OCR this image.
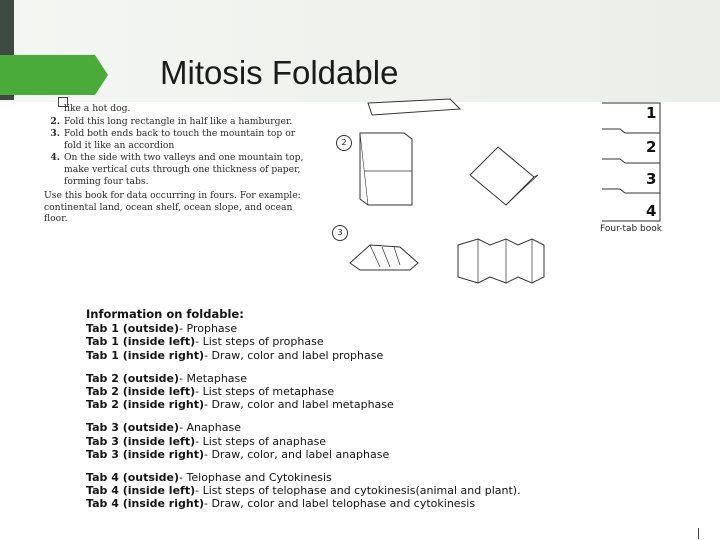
Mitosis Foldable
like a hot dog.
2. Fold this long rectangle in half like a hamburger.
3. Fold both ends back to touch the mountain top or fold it like an accordion
4. On the side with two valleys and one mountain top, make vertical cuts through one thickness of paper, forming four tabs.
Use this book for data occurring in fours. For example: continental land, ocean shelf, ocean slope, and ocean floor.
1
2
3
4
2
3	Four-tab book
Information on foldable:
Tab 1 (outside)- Prophase
Tab 1 (inside left)- List steps of prophase
Tab 1 (inside right)- Draw, color and label prophase
Tab 2 (outside)- Metaphase
Tab 2 (inside left)- List steps of metaphase
Tab 2 (inside right)- Draw, color and label metaphase
Tab 3 (outside)- Anaphase
Tab 3 (inside left)- List steps of anaphase
Tab 3 (inside right)- Draw, color, and label anaphase
Tab 4 (outside)- Telophase and Cytokinesis
Tab 4 (inside left)- List steps of telophase and cytokinesis(animal and plant).
Tab 4 (inside right)- Draw, color and label telophase and cytokinesis
